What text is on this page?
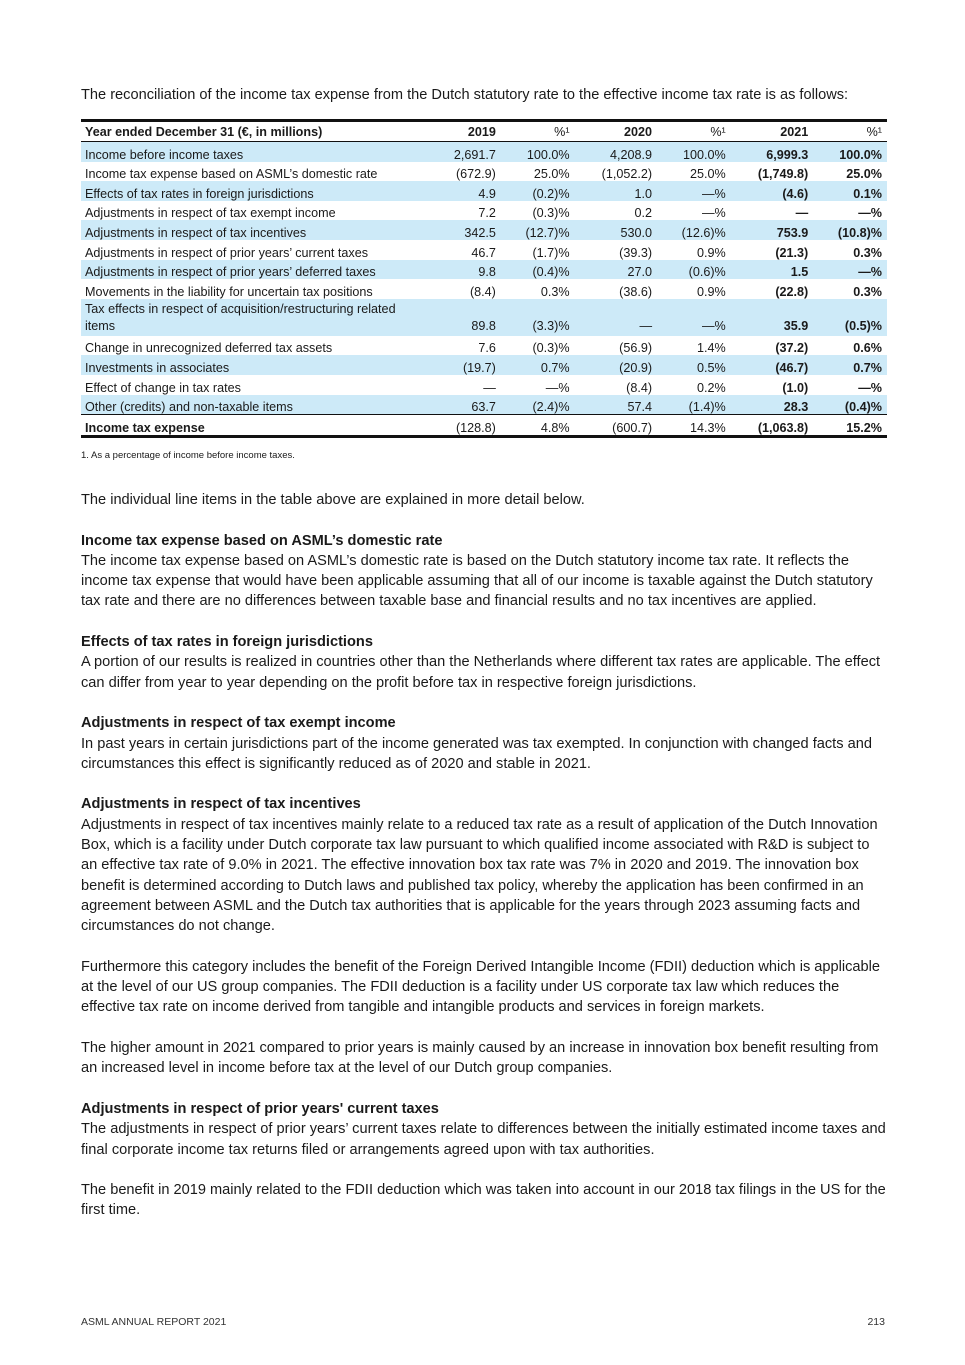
The reconciliation of the income tax expense from the Dutch statutory rate to the effective income tax rate is as follows:
Year ended December 31 (€, in millions)	2019	%¹	2020	%¹	2021	%¹
Income before income taxes	2,691.7	100.0%	4,208.9	100.0%	6,999.3	100.0%
Income tax expense based on ASML’s domestic rate	(672.9)	25.0%	(1,052.2)	25.0%	(1,749.8)	25.0%
Effects of tax rates in foreign jurisdictions	4.9	(0.2)%	1.0	—%	(4.6)	0.1%
Adjustments in respect of tax exempt income	7.2	(0.3)%	0.2	—%	—	—%
Adjustments in respect of tax incentives	342.5	(12.7)%	530.0	(12.6)%	753.9	(10.8)%
Adjustments in respect of prior years’ current taxes	46.7	(1.7)%	(39.3)	0.9%	(21.3)	0.3%
Adjustments in respect of prior years’ deferred taxes	9.8	(0.4)%	27.0	(0.6)%	1.5	—%
Movements in the liability for uncertain tax positions	(8.4)	0.3%	(38.6)	0.9%	(22.8)	0.3%
Tax effects in respect of acquisition/restructuring related items	89.8	(3.3)%	—	—%	35.9	(0.5)%
Change in unrecognized deferred tax assets	7.6	(0.3)%	(56.9)	1.4%	(37.2)	0.6%
Investments in associates	(19.7)	0.7%	(20.9)	0.5%	(46.7)	0.7%
Effect of change in tax rates	—	—%	(8.4)	0.2%	(1.0)	—%
Other (credits) and non-taxable items	63.7	(2.4)%	57.4	(1.4)%	28.3	(0.4)%
Income tax expense	(128.8)	4.8%	(600.7)	14.3%	(1,063.8)	15.2%
1. As a percentage of income before income taxes.

The individual line items in the table above are explained in more detail below.

Income tax expense based on ASML’s domestic rate

The income tax expense based on ASML’s domestic rate is based on the Dutch statutory income tax rate. It reflects the income tax expense that would have been applicable assuming that all of our income is taxable against the Dutch statutory tax rate and there are no differences between taxable base and financial results and no tax incentives are applied.

Effects of tax rates in foreign jurisdictions

A portion of our results is realized in countries other than the Netherlands where different tax rates are applicable. The effect can differ from year to year depending on the profit before tax in respective foreign jurisdictions.

Adjustments in respect of tax exempt income

In past years in certain jurisdictions part of the income generated was tax exempted. In conjunction with changed facts and circumstances this effect is significantly reduced as of 2020 and stable in 2021.

Adjustments in respect of tax incentives

Adjustments in respect of tax incentives mainly relate to a reduced tax rate as a result of application of the Dutch Innovation Box, which is a facility under Dutch corporate tax law pursuant to which qualified income associated with R&D is subject to an effective tax rate of 9.0% in 2021. The effective innovation box tax rate was 7% in 2020 and 2019. The innovation box benefit is determined according to Dutch laws and published tax policy, whereby the application has been confirmed in an agreement between ASML and the Dutch tax authorities that is applicable for the years through 2023 assuming facts and circumstances do not change.

Furthermore this category includes the benefit of the Foreign Derived Intangible Income (FDII) deduction which is applicable at the level of our US group companies. The FDII deduction is a facility under US corporate tax law which reduces the effective tax rate on income derived from tangible and intangible products and services in foreign markets.

The higher amount in 2021 compared to prior years is mainly caused by an increase in innovation box benefit resulting from an increased level in income before tax at the level of our Dutch group companies.

Adjustments in respect of prior years' current taxes

The adjustments in respect of prior years’ current taxes relate to differences between the initially estimated income taxes and final corporate income tax returns filed or arrangements agreed upon with tax authorities.

The benefit in 2019 mainly related to the FDII deduction which was taken into account in our 2018 tax filings in the US for the first time.

ASML ANNUAL REPORT 2021	213
